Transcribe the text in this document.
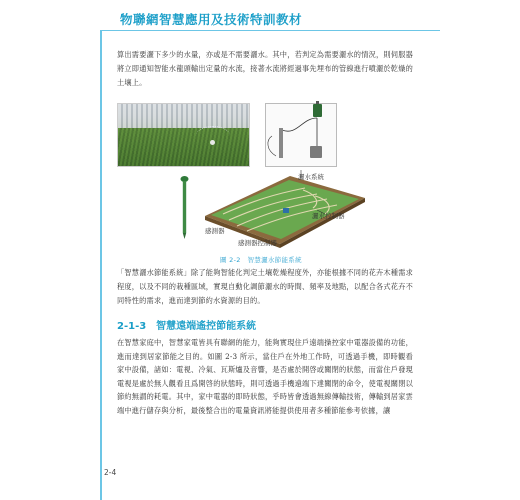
物聯網智慧應用及技術特訓教材
算出需要灑下多少的水量，亦或是不需要灑水。其中，若判定為需要灑水的情況，則伺服器將立即通知智能水龍頭輸出定量的水流，接著水流將經過事先埋布的管線進行噴灑於乾燥的土壤上。
灑水系統
灑水控制器
感測器
感測器控制器
圖 2-2　智慧灑水節能系統
「智慧灑水節能系統」除了能夠智能化判定土壤乾燥程度外，亦能根據不同的花卉木種需求程度，以及不同的栽種區域，實現自動化調節灑水的時間、頻率及地點，以配合各式花卉不同特性的需求，進而達到節約水資源的目的。
2-1-3　智慧遠端遙控節能系統
在智慧家庭中，智慧家電皆具有聯網的能力，能夠實現住戶遠端操控家中電器設備的功能，進而達到居家節能之目的。如圖 2-3 所示，當住戶在外地工作時，可透過手機，即時觀看家中設備，諸如：電視、冷氣、瓦斯爐及音響，是否處於開啓或關閉的狀態，而當住戶發現電視是處於無人觀看且爲開啓的狀態時，則可透過手機遠端下達關閉的命令，使電視關閉以節約無謂的耗電。其中，家中電器的即時狀態，乎時皆會透過無線傳輸技術，傳輸到居家雲端中進行儲存與分析，最後整合出的電量資訊將能提供使用者多種節能參考依據，讓
2-4
